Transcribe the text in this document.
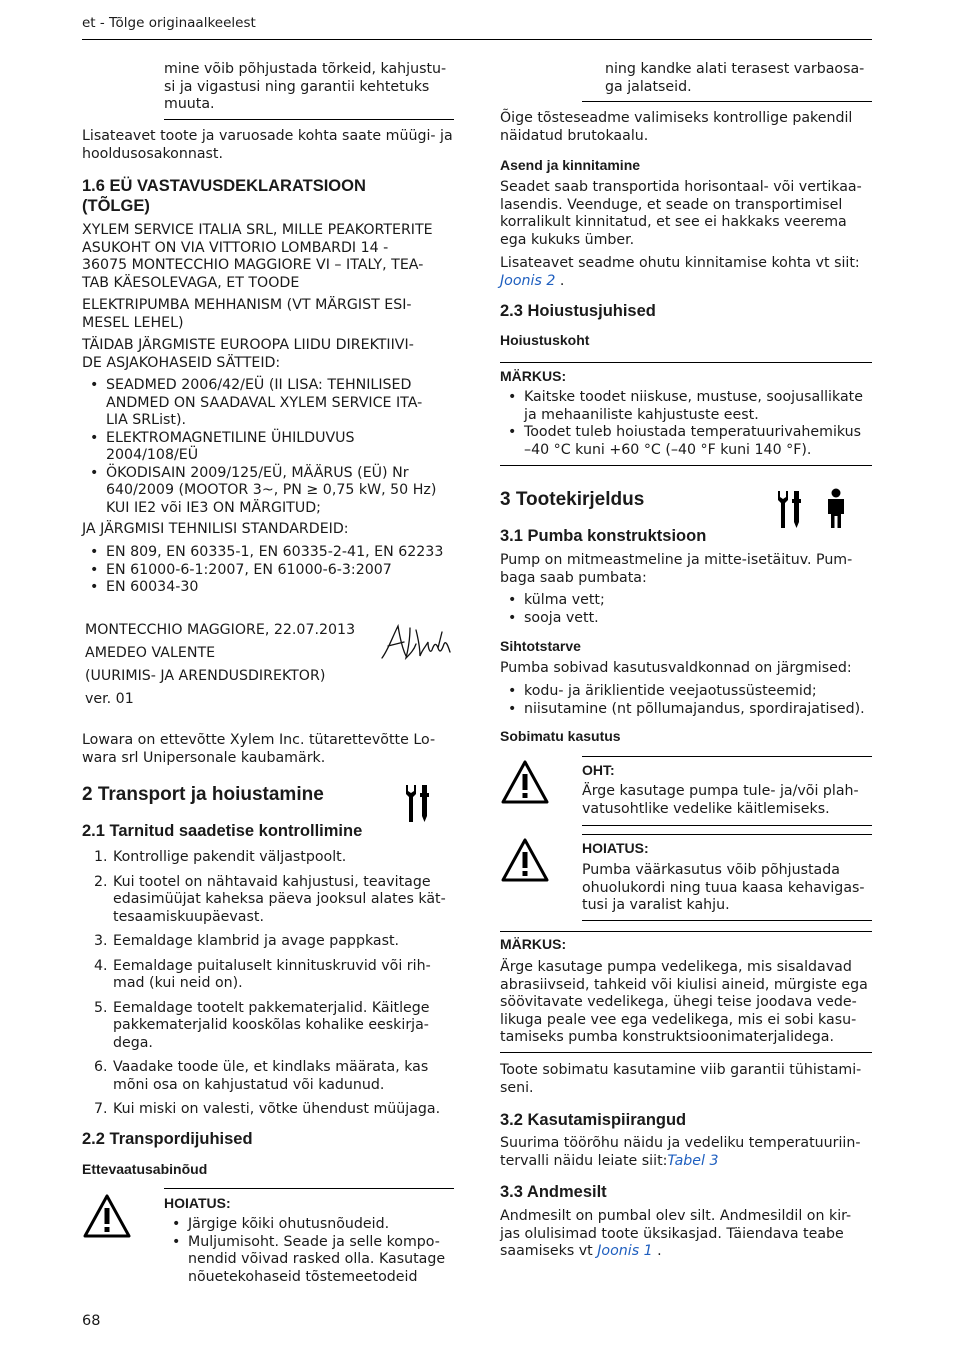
et - Tõlge originaalkeelest

mine võib põhjustada tõrkeid, kahjustu-
si ja vigastusi ning garantii kehtetuks
muuta.

Lisateavet toote ja varuosade kohta saate müügi- ja
hooldusosakonnast.

1.6 EÜ VASTAVUSDEKLARATSIOON
(TÕLGE)

XYLEM SERVICE ITALIA SRL, MILLE PEAKORTERITE
ASUKOHT ON VIA VITTORIO LOMBARDI 14 -
36075 MONTECCHIO MAGGIORE VI – ITALY, TEA-
TAB KÄESOLEVAGA, ET TOODE

ELEKTRIPUMBA MEHHANISM (VT MÄRGIST ESI-
MESEL LEHEL)

TÄIDAB JÄRGMISTE EUROOPA LIIDU DIREKTIIVI-
DE ASJAKOHASEID SÄTTEID:

• SEADMED 2006/42/EÜ (II LISA: TEHNILISED
ANDMED ON SAADAVAL XYLEM SERVICE ITA-
LIA SRList).
• ELEKTROMAGNETILINE ÜHILDUVUS
2004/108/EÜ
• ÖKODISAIN 2009/125/EÜ, MÄÄRUS (EÜ) Nr
640/2009 (MOOTOR 3~, PN ≥ 0,75 kW, 50 Hz)
KUI IE2 või IE3 ON MÄRGITUD;

JA JÄRGMISI TEHNILISI STANDARDEID:

• EN 809, EN 60335-1, EN 60335-2-41, EN 62233
• EN 61000-6-1:2007, EN 61000-6-3:2007
• EN 60034-30
MONTECCHIO MAGGIORE, 22.07.2013
AMEDEO VALENTE
(UURIMIS- JA ARENDUSDIREKTOR)
ver. 01

Lowara on ettevõtte Xylem Inc. tütarettevõtte Lo-
wara srl Unipersonale kaubamärk.

2 Transport ja hoiustamine
2.1 Tarnitud saadetise kontrollimine
1. Kontrollige pakendit väljastpoolt.
2. Kui tootel on nähtavaid kahjustusi, teavitage
edasimüüjat kaheksa päeva jooksul alates kät-
tesaamiskuupäevast.
3. Eemaldage klambrid ja avage pappkast.
4. Eemaldage puitaluselt kinnituskruvid või rih-
mad (kui neid on).
5. Eemaldage tootelt pakkematerjalid. Käitlege
pakkematerjalid kooskõlas kohalike eeskirja-
dega.
6. Vaadake toode üle, et kindlaks määrata, kas
mõni osa on kahjustatud või kadunud.
7. Kui miski on valesti, võtke ühendust müüjaga.
2.2 Transpordijuhised
Ettevaatusabinõud
HOIATUS:
• Järgige kõiki ohutusnõudeid.
• Muljumisoht. Seade ja selle kompo-
nendid võivad rasked olla. Kasutage
nõuetekohaseid tõstemeetodeid

ning kandke alati terasest varbaosa-
ga jalatseid.

Õige tõsteseadme valimiseks kontrollige pakendil
näidatud brutokaalu.

Asend ja kinnitamine

Seadet saab transportida horisontaal- või vertikaa-
lasendis. Veenduge, et seade on transportimisel
korralikult kinnitatud, et see ei hakkaks veerema
ega kukuks ümber.

Lisateavet seadme ohutu kinnitamise kohta vt siit:
Joonis 2 .

2.3 Hoiustusjuhised
Hoiustuskoht
MÄRKUS:
• Kaitske toodet niiskuse, mustuse, soojusallikate
ja mehaaniliste kahjustuste eest.
• Toodet tuleb hoiustada temperatuurivahemikus
–40 °C kuni +60 °C (–40 °F kuni 140 °F).
3 Tootekirjeldus
3.1 Pumba konstruktsioon

Pump on mitmeastmeline ja mitte-isetäituv. Pum-
baga saab pumbata:

• külma vett;
• sooja vett.
Sihtotstarve

Pumba sobivad kasutusvaldkonnad on järgmised:

• kodu- ja äriklientide veejaotussüsteemid;
• niisutamine (nt põllumajandus, spordirajatised).
Sobimatu kasutus
OHT:

Ärge kasutage pumpa tule- ja/või plah-
vatusohtlike vedelike käitlemiseks.

HOIATUS:

Pumba väärkasutus võib põhjustada
ohuolukordi ning tuua kaasa kehavigas-
tusi ja varalist kahju.

MÄRKUS:

Ärge kasutage pumpa vedelikega, mis sisaldavad
abrasiivseid, tahkeid või kiulisi aineid, mürgiste ega
söövitavate vedelikega, ühegi teise joodava vede-
likuga peale vee ega vedelikega, mis ei sobi kasu-
tamiseks pumba konstruktsioonimaterjalidega.

Toote sobimatu kasutamine viib garantii tühistami-
seni.

3.2 Kasutamispiirangud

Suurima töörõhu näidu ja vedeliku temperatuuriin-
tervalli näidu leiate siit:Tabel 3

3.3 Andmesilt

Andmesilt on pumbal olev silt. Andmesildil on kir-
jas olulisimad toote üksikasjad. Täiendava teabe
saamiseks vt Joonis 1 .

68
